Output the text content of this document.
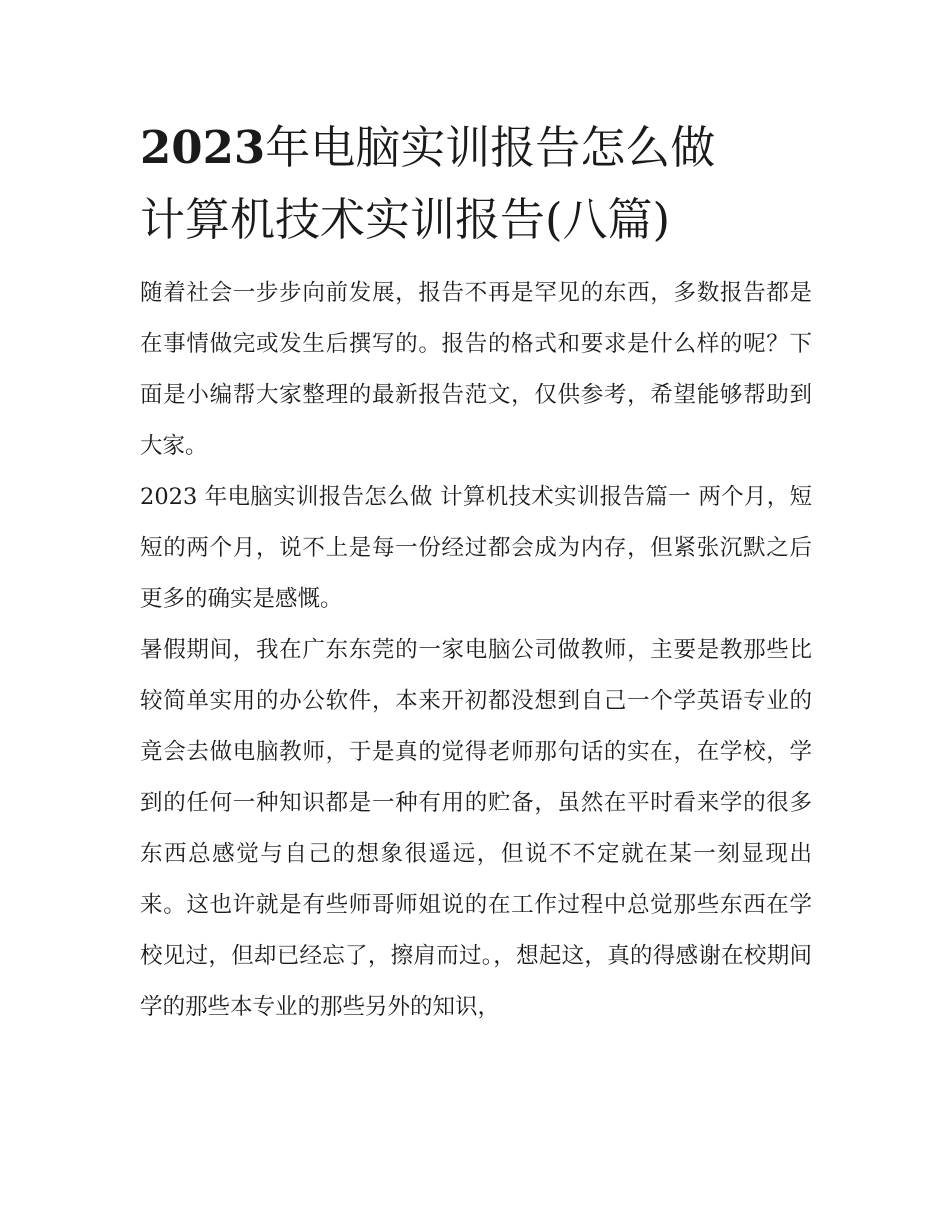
2023年电脑实训报告怎么做
计算机技术实训报告(八篇)

随着社会一步步向前发展，报告不再是罕见的东西，多数报告都是在事情做完或发生后撰写的。报告的格式和要求是什么样的呢？下面是小编帮大家整理的最新报告范文，仅供参考，希望能够帮助到大家。

2023 年电脑实训报告怎么做 计算机技术实训报告篇一 两个月，短短的两个月，说不上是每一份经过都会成为内存，但紧张沉默之后更多的确实是感慨。

暑假期间，我在广东东莞的一家电脑公司做教师，主要是教那些比较简单实用的办公软件，本来开初都没想到自己一个学英语专业的竟会去做电脑教师，于是真的觉得老师那句话的实在，在学校，学到的任何一种知识都是一种有用的贮备，虽然在平时看来学的很多东西总感觉与自己的想象很遥远，但说不不定就在某一刻显现出来。这也许就是有些师哥师姐说的在工作过程中总觉那些东西在学校见过，但却已经忘了，擦肩而过。，想起这，真的得感谢在校期间学的那些本专业的那些另外的知识，
